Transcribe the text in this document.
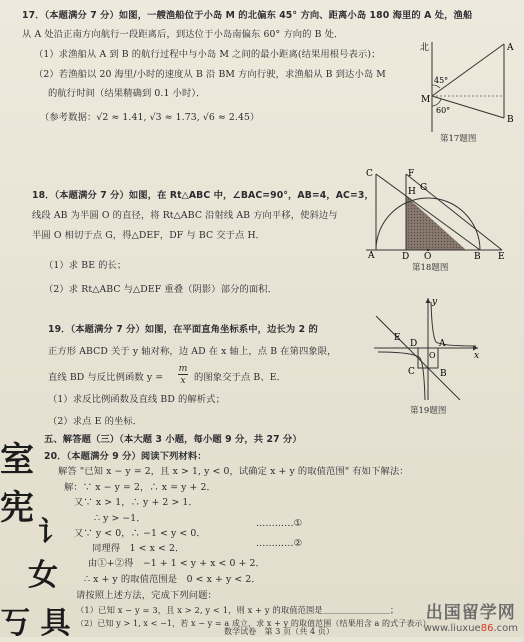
17．（本题满分 7 分）如图，一艘渔船位于小岛 M 的北偏东 45° 方向、距离小岛 180 海里的 A 处，渔船
从 A 处沿正南方向航行一段距离后，到达位于小岛南偏东 60° 方向的 B 处．
（1）求渔船从 A 到 B 的航行过程中与小岛 M 之间的最小距离(结果用根号表示)；
（2）若渔船以 20 海里/小时的速度从 B 沿 BM 方向行驶，求渔船从 B 到达小岛 M
的航行时间（结果精确到 0.1 小时）．
（参考数据：√2 ≈ 1.41, √3 ≈ 1.73, √6 ≈ 2.45）
北	A
M
B
45°
60°
第17题图
18．（本题满分 7 分）如图，在 Rt△ABC 中，∠BAC=90°，AB=4，AC=3，
线段 AB 为半圆 O 的直径，将 Rt△ABC 沿射线 AB 方向平移，使斜边与
半圆 O 相切于点 G，得△DEF，DF 与 BC 交于点 H．
（1）求 BE 的长；
（2）求 Rt△ABC 与△DEF 重叠（阴影）部分的面积．
C	F
H G
A	D O	B E
第18题图
19．（本题满分 7 分）如图，在平面直角坐标系中，边长为 2 的
正方形 ABCD 关于 y 轴对称，边 AD 在 x 轴上，点 B 在第四象限，
直线 BD 与反比例函数 $y = \frac{m}{x}$ 的图象交于点 B、E．
（1）求反比例函数及直线 BD 的解析式；
（2）求点 E 的坐标．
y
x
E
D
O
A
C	B
第19题图
五、解答题（三）（本大题 3 小题，每小题 9 分，共 27 分）
20．（本题满分 9 分）阅读下列材料：
解答 "已知 x − y = 2，且 x > 1, y < 0，试确定 x + y 的取值范围" 有如下解法：
解：∵ x − y = 2，∴ x = y + 2．
又∵ x > 1，∴ y + 2 > 1．
∴ y > −1．
又∵ y < 0，∴ −1 < y < 0．
…………①
同理得　1 < x < 2．	…………②
由①+②得　−1 + 1 < y + x < 0 + 2．
∴ x + y 的取值范围是　0 < x + y < 2．
请按照上述方法，完成下列问题：
（1）已知 x − y = 3，且 x > 2, y < 1，则 x + y 的取值范围是＿＿＿＿＿＿＿＿；
（2）已知 y > 1, x < −1，若 x − y = a 成立，求 x + y 的取值范围（结果用含 a 的式子表示）．
数学试卷　第 3 页（共 4 页）
室
宪
讠
女
丂 具	出国留学网
www.liuxue86.com
